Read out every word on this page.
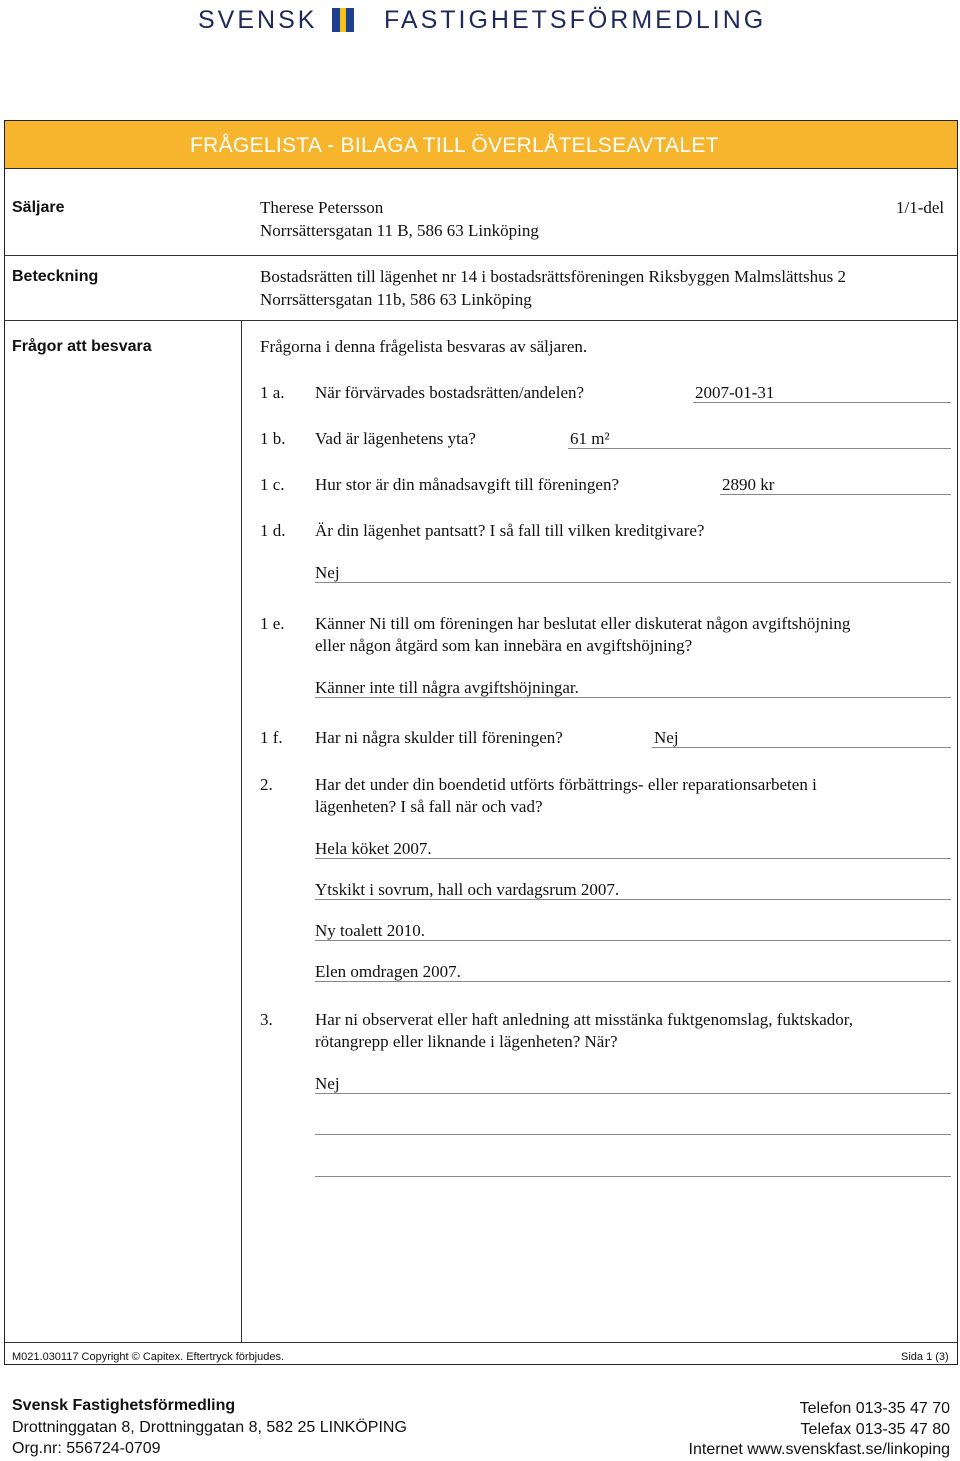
SVENSK	FASTIGHETSFÖRMEDLING
FRÅGELISTA - BILAGA TILL ÖVERLÅTELSEAVTALET
Säljare	Therese Petersson
Norrsättersgatan 11 B, 586 63 Linköping
1/1-del
Beteckning	Bostadsrätten till lägenhet nr 14 i bostadsrättsföreningen Riksbyggen Malmslättshus 2
Norrsättersgatan 11b, 586 63 Linköping
Frågor att besvara	Frågorna i denna frågelista besvaras av säljaren.
1 a. När förvärvades bostadsrätten/andelen?	2007-01-31
1 b. Vad är lägenhetens yta?	61 m²
1 c. Hur stor är din månadsavgift till föreningen?	2890 kr
1 d. Är din lägenhet pantsatt? I så fall till vilken kreditgivare?
Nej
1 e. Känner Ni till om föreningen har beslutat eller diskuterat någon avgiftshöjning
eller någon åtgärd som kan innebära en avgiftshöjning?
Känner inte till några avgiftshöjningar.
1 f. Har ni några skulder till föreningen?	Nej
2. Har det under din boendetid utförts förbättrings- eller reparationsarbeten i
lägenheten? I så fall när och vad?
Hela köket 2007.
Ytskikt i sovrum, hall och vardagsrum 2007.
Ny toalett 2010.
Elen omdragen 2007.
3. Har ni observerat eller haft anledning att misstänka fuktgenomslag, fuktskador,
rötangrepp eller liknande i lägenheten? När?
Nej
M021.030117 Copyright © Capitex. Eftertryck förbjudes.	Sida 1 (3)
Svensk Fastighetsförmedling
Drottninggatan 8, Drottninggatan 8, 582 25 LINKÖPING
Org.nr: 556724-0709
Telefon 013-35 47 70
Telefax 013-35 47 80
Internet www.svenskfast.se/linkoping
